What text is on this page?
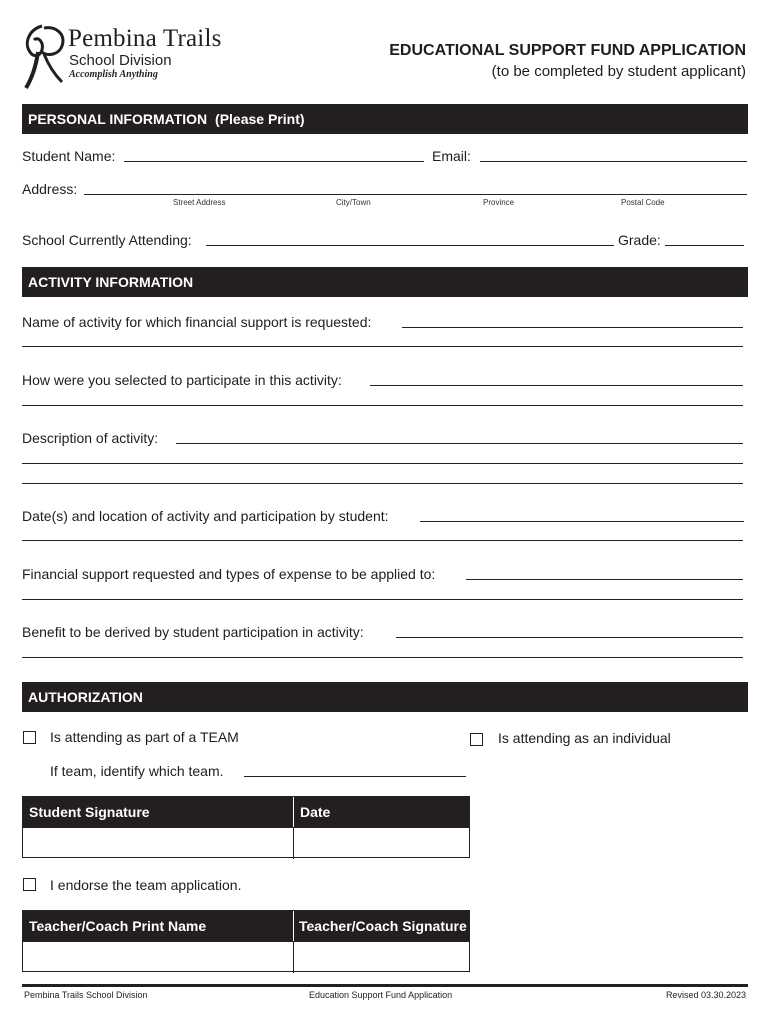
Pembina Trails
School Division
Accomplish Anything
EDUCATIONAL SUPPORT FUND APPLICATION
(to be completed by student applicant)
PERSONAL INFORMATION (Please Print)
Student Name:	Email:
Address:
Street Address	City/Town	Province	Postal Code
School Currently Attending:	Grade:
ACTIVITY INFORMATION
Name of activity for which financial support is requested:
How were you selected to participate in this activity:
Description of activity:
Date(s) and location of activity and participation by student:
Financial support requested and types of expense to be applied to:
Benefit to be derived by student participation in activity:
AUTHORIZATION
Is attending as part of a TEAM	Is attending as an individual
If team, identify which team.
Student Signature	Date
I endorse the team application.
Teacher/Coach Print Name	Teacher/Coach Signature
Pembina Trails School Division	Education Support Fund Application	Revised 03.30.2023
